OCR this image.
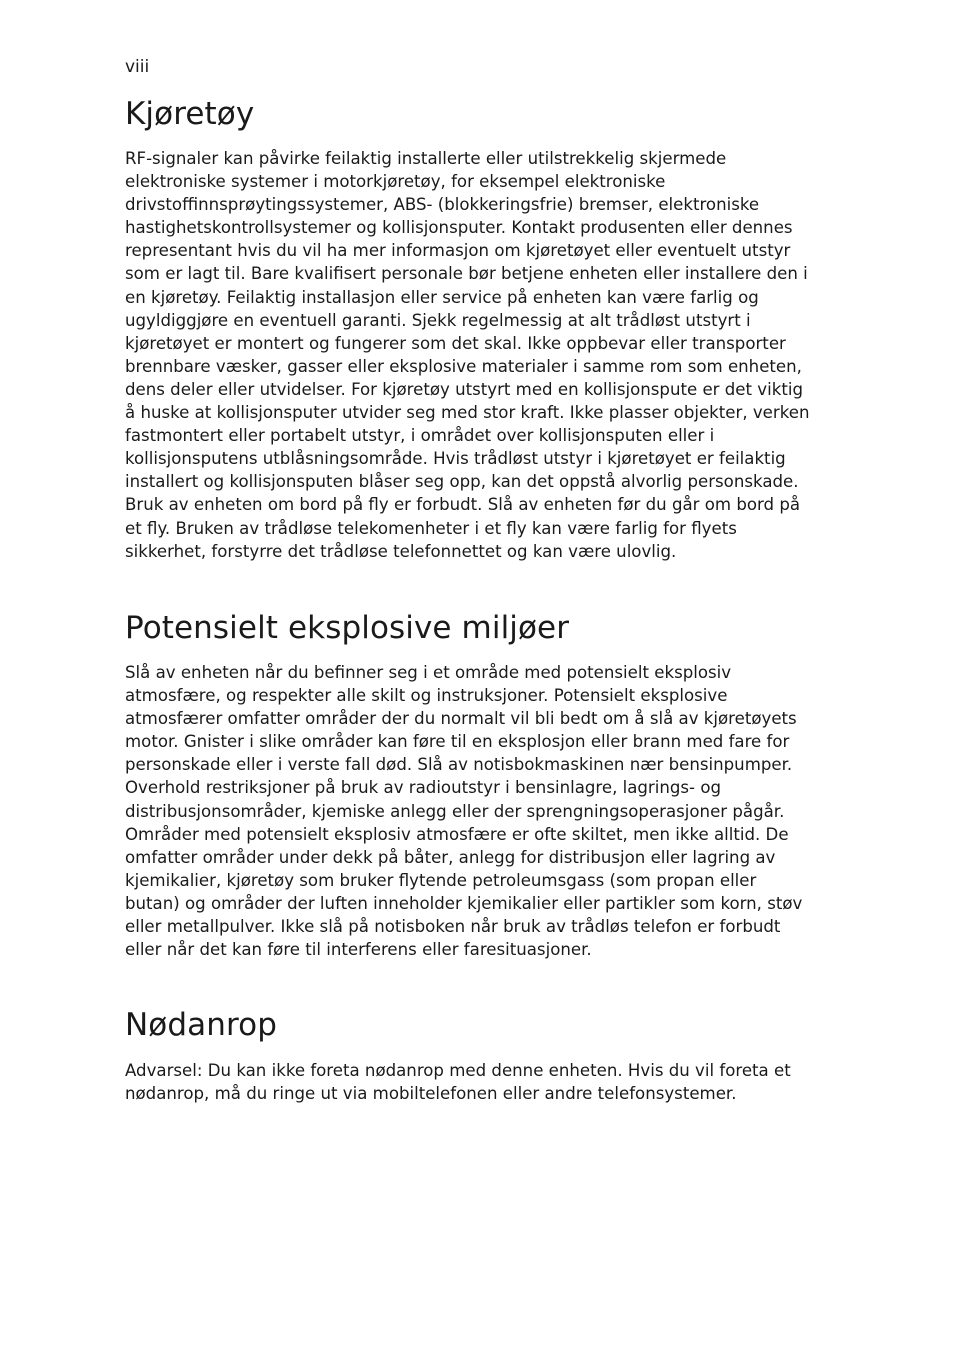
viii
Kjøretøy

RF-signaler kan påvirke feilaktig installerte eller utilstrekkelig skjermede elektroniske systemer i motorkjøretøy, for eksempel elektroniske drivstoffinnsprøytingssystemer, ABS- (blokkeringsfrie) bremser, elektroniske hastighetskontrollsystemer og kollisjonsputer. Kontakt produsenten eller dennes representant hvis du vil ha mer informasjon om kjøretøyet eller eventuelt utstyr som er lagt til. Bare kvalifisert personale bør betjene enheten eller installere den i en kjøretøy. Feilaktig installasjon eller service på enheten kan være farlig og ugyldiggjøre en eventuell garanti. Sjekk regelmessig at alt trådløst utstyrt i kjøretøyet er montert og fungerer som det skal. Ikke oppbevar eller transporter brennbare væsker, gasser eller eksplosive materialer i samme rom som enheten, dens deler eller utvidelser. For kjøretøy utstyrt med en kollisjonspute er det viktig å huske at kollisjonsputer utvider seg med stor kraft. Ikke plasser objekter, verken fastmontert eller portabelt utstyr, i området over kollisjonsputen eller i kollisjonsputens utblåsningsområde. Hvis trådløst utstyr i kjøretøyet er feilaktig installert og kollisjonsputen blåser seg opp, kan det oppstå alvorlig personskade. Bruk av enheten om bord på fly er forbudt. Slå av enheten før du går om bord på et fly. Bruken av trådløse telekomenheter i et fly kan være farlig for flyets sikkerhet, forstyrre det trådløse telefonnettet og kan være ulovlig.

Potensielt eksplosive miljøer

Slå av enheten når du befinner seg i et område med potensielt eksplosiv atmosfære, og respekter alle skilt og instruksjoner. Potensielt eksplosive atmosfærer omfatter områder der du normalt vil bli bedt om å slå av kjøretøyets motor. Gnister i slike områder kan føre til en eksplosjon eller brann med fare for personskade eller i verste fall død. Slå av notisbokmaskinen nær bensinpumper. Overhold restriksjoner på bruk av radioutstyr i bensinlagre, lagrings- og distribusjonsområder, kjemiske anlegg eller der sprengningsoperasjoner pågår. Områder med potensielt eksplosiv atmosfære er ofte skiltet, men ikke alltid. De omfatter områder under dekk på båter, anlegg for distribusjon eller lagring av kjemikalier, kjøretøy som bruker flytende petroleumsgass (som propan eller butan) og områder der luften inneholder kjemikalier eller partikler som korn, støv eller metallpulver. Ikke slå på notisboken når bruk av trådløs telefon er forbudt eller når det kan føre til interferens eller faresituasjoner.

Nødanrop

Advarsel: Du kan ikke foreta nødanrop med denne enheten. Hvis du vil foreta et nødanrop, må du ringe ut via mobiltelefonen eller andre telefonsystemer.
